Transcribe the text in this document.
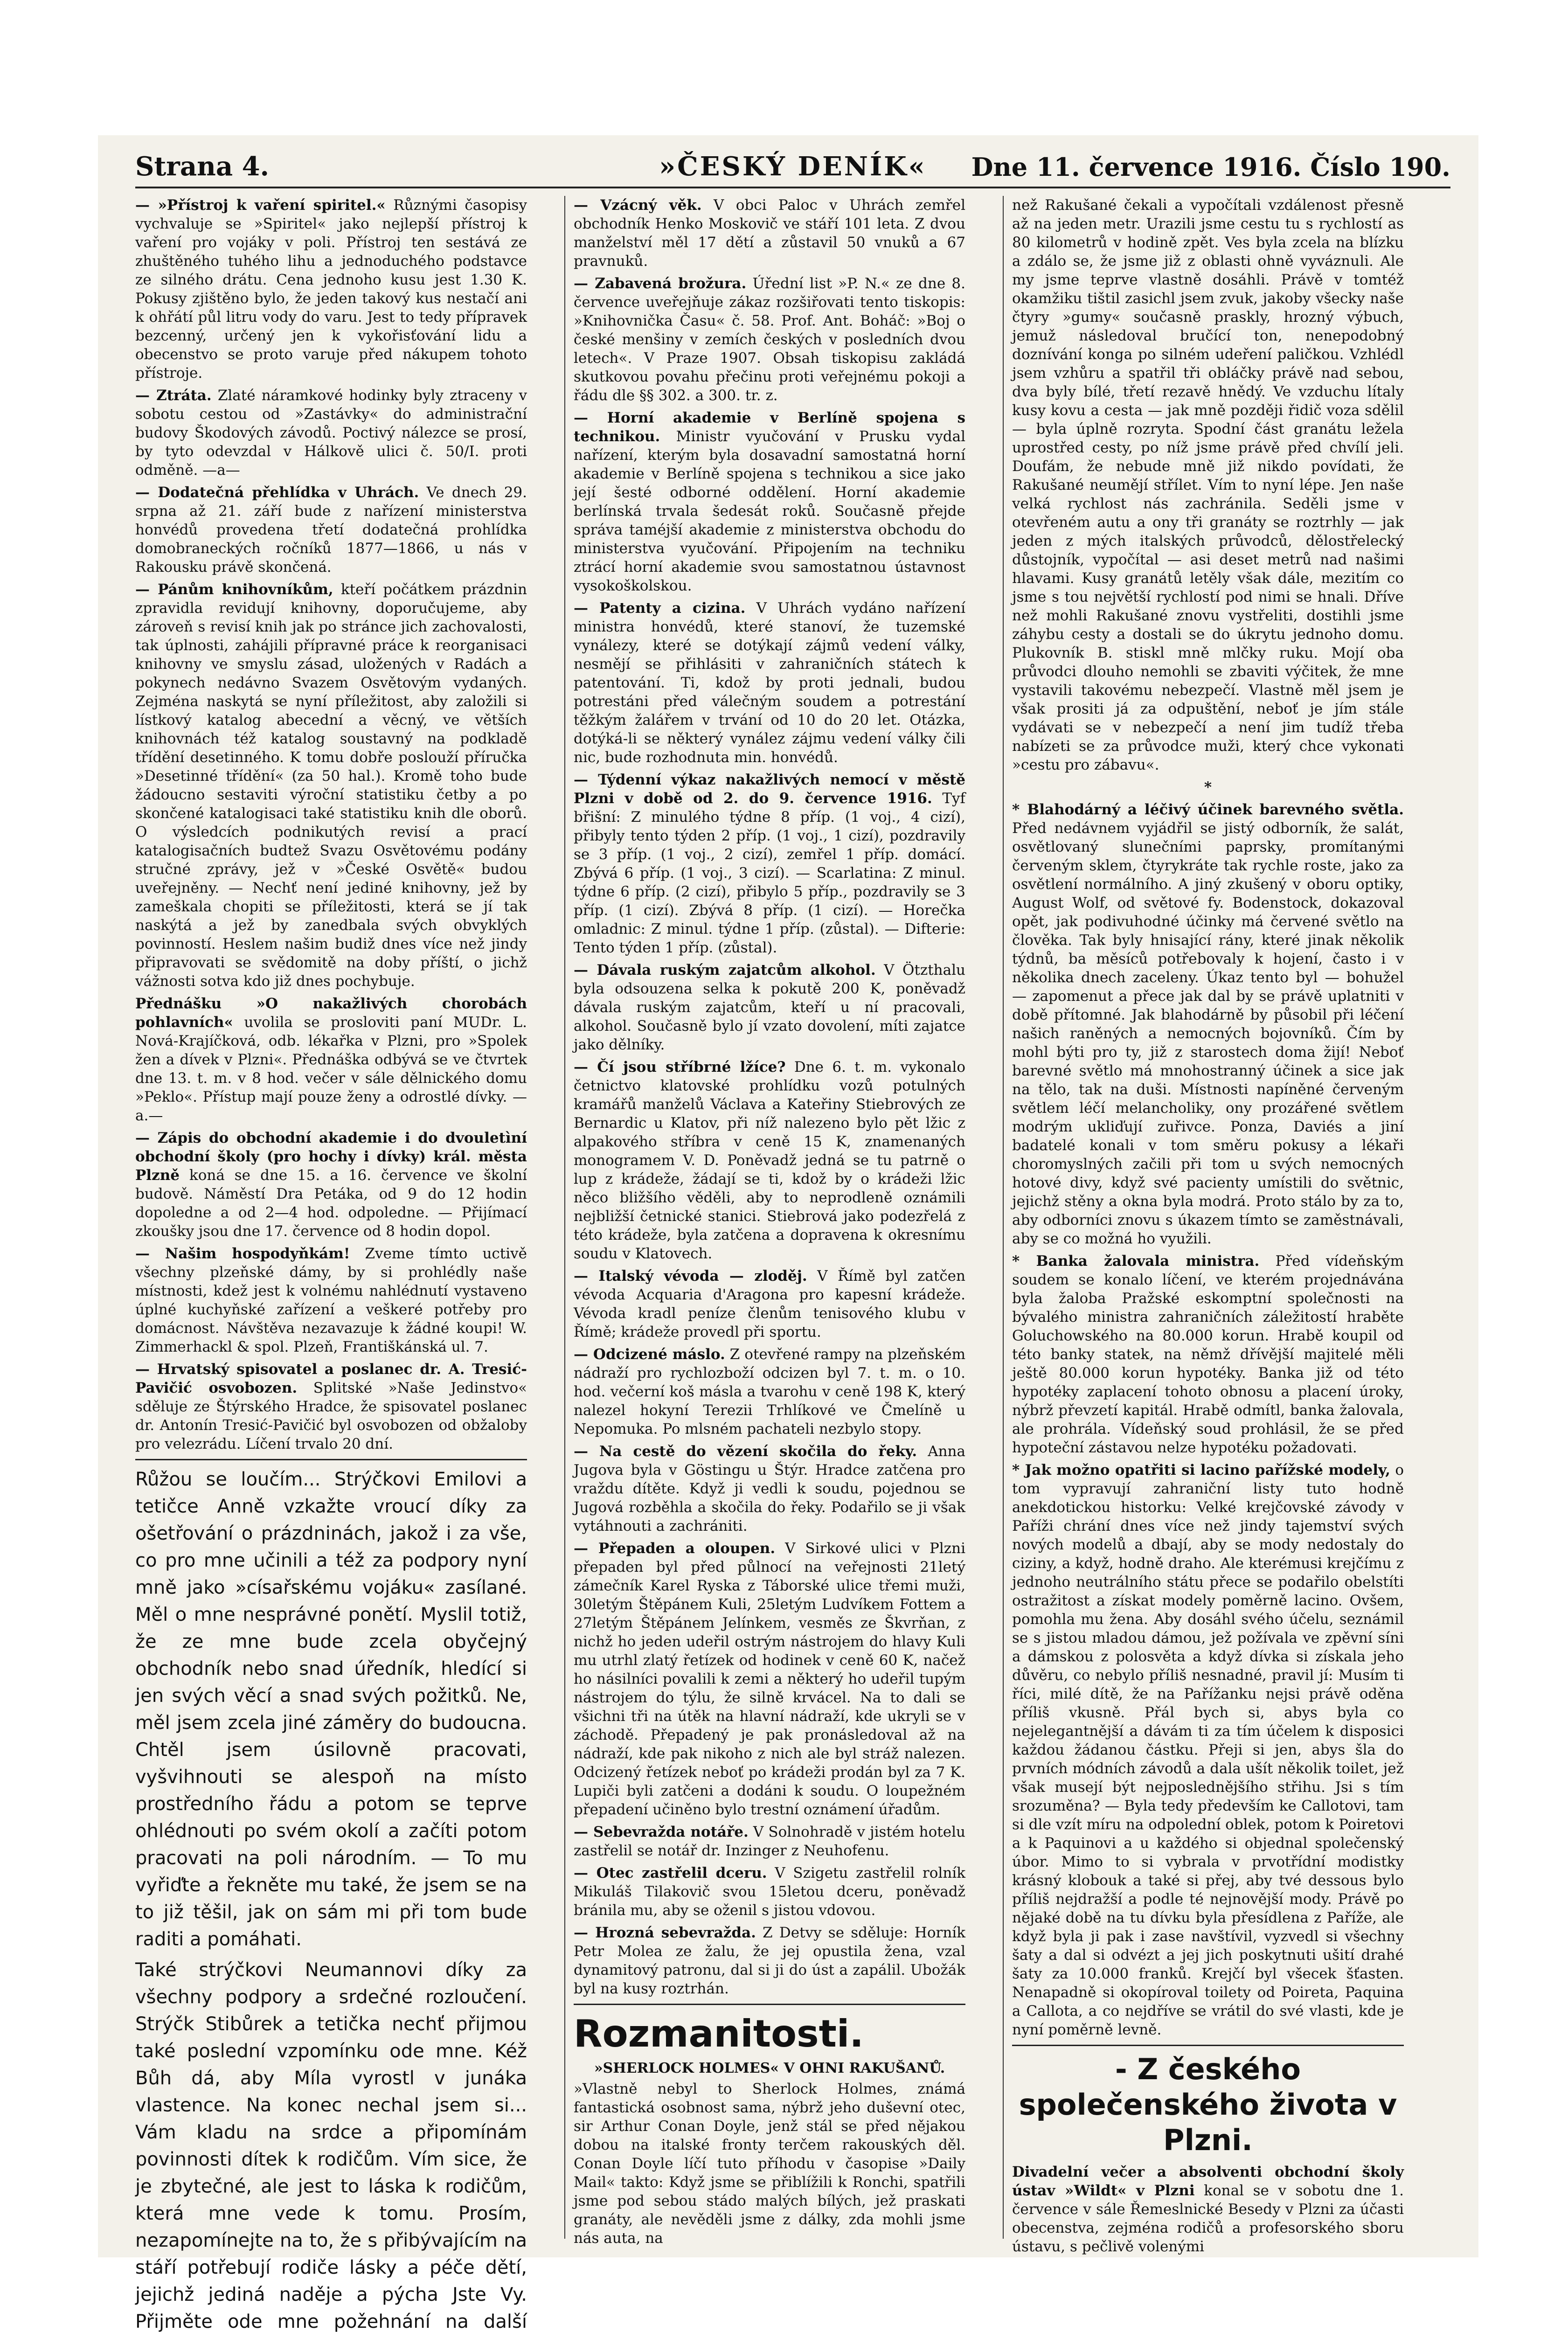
Strana 4.	»ČESKÝ DENÍK«	Dne 11. července 1916. Číslo 190.

— »Přístroj k vaření spiritel.« Různými časopisy vychvaluje se »Spiritel« jako nejlepší přístroj k vaření pro vojáky v poli. Přístroj ten sestává ze zhuštěného tuhého lihu a jednoduchého podstavce ze silného drátu. Cena jednoho kusu jest 1.30 K. Pokusy zjištěno bylo, že jeden takový kus nestačí ani k ohřátí půl litru vody do varu. Jest to tedy přípravek bezcenný, určený jen k vykořisťování lidu a obecenstvo se proto varuje před nákupem tohoto přístroje.

— Ztráta. Zlaté náramkové hodinky byly ztraceny v sobotu cestou od »Zastávky« do administrační budovy Škodových závodů. Poctivý nálezce se prosí, by tyto odevzdal v Hálkově ulici č. 50/I. proti odměně. —a—

— Dodatečná přehlídka v Uhrách. Ve dnech 29. srpna až 21. září bude z nařízení ministerstva honvédů provedena třetí dodatečná prohlídka domobraneckých ročníků 1877—1866, u nás v Rakousku právě skončená.

— Pánům knihovníkům, kteří počátkem prázdnin zpravidla revidují knihovny, doporučujeme, aby zároveň s revisí knih jak po stránce jich zachovalosti, tak úplnosti, zahájili přípravné práce k reorganisaci knihovny ve smyslu zásad, uložených v Radách a pokynech nedávno Svazem Osvětovým vydaných. Zejména naskytá se nyní příležitost, aby založili si lístkový katalog abecední a věcný, ve větších knihovnách též katalog soustavný na podkladě třídění desetinného. K tomu dobře poslouží příručka »Desetinné třídění« (za 50 hal.). Kromě toho bude žádoucno sestaviti výroční statistiku četby a po skončené katalogisaci také statistiku knih dle oborů. O výsledcích podnikutých revisí a prací katalogisačních budtež Svazu Osvětovému podány stručné zprávy, jež v »České Osvětě« budou uveřejněny. — Nechť není jediné knihovny, jež by zameškala chopiti se příležitosti, která se jí tak naskýtá a jež by zanedbala svých obvyklých povinností. Heslem našim budiž dnes více než jindy připravovati se svědomitě na doby příští, o jichž vážnosti sotva kdo již dnes pochybuje.

Přednášku »O nakažlivých chorobách pohlavních« uvolila se prosloviti paní MUDr. L. Nová-Krajíčková, odb. lékařka v Plzni, pro »Spolek žen a dívek v Plzni«. Přednáška odbývá se ve čtvrtek dne 13. t. m. v 8 hod. večer v sále dělnického domu »Peklo«. Přístup mají pouze ženy a odrostlé dívky. —a.—

— Zápis do obchodní akademie i do dvouletìní obchodní školy (pro hochy i dívky) král. města Plzně koná se dne 15. a 16. července ve školní budově. Náměstí Dra Petáka, od 9 do 12 hodin dopoledne a od 2—4 hod. odpoledne. — Přijímací zkoušky jsou dne 17. července od 8 hodin dopol.

— Našim hospodyňkám! Zveme tímto uctivě všechny plzeňské dámy, by si prohlédly naše místnosti, kdež jest k volnému nahlédnutí vystaveno úplné kuchyňské zařízení a veškeré potřeby pro domácnost. Návštěva nezavazuje k žádné koupi! W. Zimmerhackl & spol. Plzeň, Františkánská ul. 7.

— Hrvatský spisovatel a poslanec dr. A. Tresić-Pavičić osvobozen. Splitské »Naše Jedinstvo« sděluje ze Štýrského Hradce, že spisovatel poslanec dr. Antonín Tresić-Pavičić byl osvobozen od obžaloby pro velezrádu. Líčení trvalo 20 dní.

Růžou se loučím... Strýčkovi Emilovi a tetičce Anně vzkažte vroucí díky za ošetřování o prázdninách, jakož i za vše, co pro mne učinili a též za podpory nyní mně jako »císařskému vojáku« zasílané. Měl o mne nesprávné ponětí. Myslil totiž, že ze mne bude zcela obyčejný obchodník nebo snad úředník, hledící si jen svých věcí a snad svých požitků. Ne, měl jsem zcela jiné záměry do budoucna. Chtěl jsem úsilovně pracovati, vyšvihnouti se alespoň na místo prostředního řádu a potom se teprve ohlédnouti po svém okolí a začíti potom pracovati na poli národním. — To mu vyřiďte a řekněte mu také, že jsem se na to již těšil, jak on sám mi při tom bude raditi a pomáhati.

Také strýčkovi Neumannovi díky za všechny podpory a srdečné rozloučení. Strýčk Stibůrek a tetička nechť přijmou také poslední vzpomínku ode mne. Kéž Bůh dá, aby Míla vyrostl v junáka vlastence. Na konec nechal jsem si... Vám kladu na srdce a připomínám povinnosti dítek k rodičům. Vím sice, že je zbytečné, ale jest to láska k rodičům, která mne vede k tomu. Prosím, nezapomínejte na to, že s přibývajícím na stáří potřebují rodiče lásky a péče dětí, jejichž jediná naděje a pýcha Jste Vy. Přijměte ode mne požehnání na další

— Vzácný věk. V obci Paloc v Uhrách zemřel obchodník Henko Moskovič ve stáří 101 leta. Z dvou manželství měl 17 dětí a zůstavil 50 vnuků a 67 pravnuků.

— Zabavená brožura. Úřední list »P. N.« ze dne 8. července uveřejňuje zákaz rozšiřovati tento tiskopis: »Knihovnička Času« č. 58. Prof. Ant. Boháč: »Boj o české menšiny v zemích českých v posledních dvou letech«. V Praze 1907. Obsah tiskopisu zakládá skutkovou povahu přečinu proti veřejnému pokoji a řádu dle §§ 302. a 300. tr. z.

— Horní akademie v Berlíně spojena s technikou. Ministr vyučování v Prusku vydal nařízení, kterým byla dosavadní samostatná horní akademie v Berlíně spojena s technikou a sice jako její šesté odborné oddělení. Horní akademie berlínská trvala šedesát roků. Současně přejde správa taméjší akademie z ministerstva obchodu do ministerstva vyučování. Připojením na techniku ztrácí horní akademie svou samostatnou ústavnost vysokoškolskou.

— Patenty a cizina. V Uhrách vydáno nařízení ministra honvédů, které stanoví, že tuzemské vynálezy, které se dotýkají zájmů vedení války, nesmějí se přihlásiti v zahraničních státech k patentování. Ti, kdož by proti jednali, budou potrestáni před válečným soudem a potrestání těžkým žalářem v trvání od 10 do 20 let. Otázka, dotýká-li se některý vynález zájmu vedení války čili nic, bude rozhodnuta min. honvédů.

— Týdenní výkaz nakažlivých nemocí v městě Plzni v době od 2. do 9. července 1916. Tyf břišní: Z minulého týdne 8 příp. (1 voj., 4 cizí), přibyly tento týden 2 příp. (1 voj., 1 cizí), pozdravily se 3 příp. (1 voj., 2 cizí), zemřel 1 příp. domácí. Zbývá 6 příp. (1 voj., 3 cizí). — Scarlatina: Z minul. týdne 6 příp. (2 cizí), přibylo 5 příp., pozdravily se 3 příp. (1 cizí). Zbývá 8 příp. (1 cizí). — Horečka omladnic: Z minul. týdne 1 příp. (zůstal). — Difterie: Tento týden 1 příp. (zůstal).

— Dávala ruským zajatcům alkohol. V Ötzthalu byla odsouzena selka k pokutě 200 K, poněvadž dávala ruským zajatcům, kteří u ní pracovali, alkohol. Současně bylo jí vzato dovolení, míti zajatce jako dělníky.

— Čí jsou stříbrné lžíce? Dne 6. t. m. vykonalo četnictvo klatovské prohlídku vozů potulných kramářů manželů Václava a Kateřiny Stiebrových ze Bernardic u Klatov, při níž nalezeno bylo pět lžic z alpakového stříbra v ceně 15 K, znamenaných monogramem V. D. Poněvadž jedná se tu patrně o lup z krádeže, žádají se ti, kdož by o krádeži lžic něco bližšího věděli, aby to neprodleně oznámili nejbližší četnické stanici. Stiebrová jako podezřelá z této krádeže, byla zatčena a dopravena k okresnímu soudu v Klatovech.

— Italský vévoda — zloděj. V Římě byl zatčen vévoda Acquaria d'Aragona pro kapesní krádeže. Vévoda kradl peníze členům tenisového klubu v Římě; krádeže provedl při sportu.

— Odcizené máslo. Z otevřené rampy na plzeňském nádraží pro rychlozboží odcizen byl 7. t. m. o 10. hod. večerní koš másla a tvarohu v ceně 198 K, který nalezel hokyní Terezii Trhlíkové ve Čmelíně u Nepomuka. Po mlsném pachateli nezbylo stopy.

— Na cestě do vězení skočila do řeky. Anna Jugova byla v Göstingu u Štýr. Hradce zatčena pro vraždu dítěte. Když ji vedli k soudu, pojednou se Jugová rozběhla a skočila do řeky. Podařilo se ji však vytáhnouti a zachrániti.

— Přepaden a oloupen. V Sirkové ulici v Plzni přepaden byl před půlnocí na veřejnosti 21letý zámečník Karel Ryska z Táborské ulice třemi muži, 30letým Štěpánem Kuli, 25letým Ludvíkem Fottem a 27letým Štěpánem Jelínkem, vesměs ze Škvrňan, z nichž ho jeden udeřil ostrým nástrojem do hlavy Kuli mu utrhl zlatý řetízek od hodinek v ceně 60 K, načež ho násilníci povalili k zemi a některý ho udeřil tupým nástrojem do týlu, že silně krvácel. Na to dali se všichni tři na útěk na hlavní nádraží, kde ukryli se v záchodě. Přepadený je pak pronásledoval až na nádraží, kde pak nikoho z nich ale byl stráž nalezen. Odcizený řetízek neboť po krádeži prodán byl za 7 K. Lupiči byli zatčeni a dodáni k soudu. O loupežném přepadení učiněno bylo trestní oznámení úřadům.

— Sebevražda notáře. V Solnohradě v jistém hotelu zastřelil se notář dr. Inzinger z Neuhofenu.

— Otec zastřelil dceru. V Szigetu zastřelil rolník Mikuláš Tilakovič svou 15letou dceru, poněvadž bránila mu, aby se oženil s jistou vdovou.

— Hrozná sebevražda. Z Detvy se sděluje: Horník Petr Molea ze žalu, že jej opustila žena, vzal dynamitový patronu, dal si ji do úst a zapálil. Ubožák byl na kusy roztrhán.

Rozmanitosti.
»SHERLOCK HOLMES« V OHNI RAKUŠANŮ.

»Vlastně nebyl to Sherlock Holmes, známá fantastická osobnost sama, nýbrž jeho duševní otec, sir Arthur Conan Doyle, jenž stál se před nějakou dobou na italské fronty terčem rakouských děl. Conan Doyle líčí tuto příhodu v časopise »Daily Mail« takto: Když jsme se přiblížili k Ronchi, spatřili jsme pod sebou stádo malých bílých, jež praskati granáty, ale nevěděli jsme z dálky, zda mohli jsme nás auta, na

než Rakušané čekali a vypočítali vzdálenost přesně až na jeden metr. Urazili jsme cestu tu s rychlostí as 80 kilometrů v hodině zpět. Ves byla zcela na blízku a zdálo se, že jsme již z oblasti ohně vyváznuli. Ale my jsme teprve vlastně dosáhli. Právě v tomtéž okamžiku tištil zasichl jsem zvuk, jakoby všecky naše čtyry »gumy« současně praskly, hrozný výbuch, jemuž následoval bručící ton, nenepodobný doznívání konga po silném udeření paličkou. Vzhlédl jsem vzhůru a spatřil tři obláčky právě nad sebou, dva byly bílé, třetí rezavě hnědý. Ve vzduchu lítaly kusy kovu a cesta — jak mně později řidič voza sdělil — byla úplně rozryta. Spodní část granátu ležela uprostřed cesty, po níž jsme právě před chvílí jeli. Doufám, že nebude mně již nikdo povídati, že Rakušané neumějí střílet. Vím to nyní lépe. Jen naše velká rychlost nás zachránila. Seděli jsme v otevřeném autu a ony tři granáty se roztrhly — jak jeden z mých italských průvodců, dělostřelecký důstojník, vypočítal — asi deset metrů nad našimi hlavami. Kusy granátů letěly však dále, mezitím co jsme s tou největší rychlostí pod nimi se hnali. Dříve než mohli Rakušané znovu vystřeliti, dostihli jsme záhybu cesty a dostali se do úkrytu jednoho domu. Plukovník B. stiskl mně mlčky ruku. Mojí oba průvodci dlouho nemohli se zbaviti výčitek, že mne vystavili takovému nebezpečí. Vlastně měl jsem je však prositi já za odpuštění, neboť je jím stále vydávati se v nebezpečí a není jim tudíž třeba nabízeti se za průvodce muži, který chce vykonati »cestu pro zábavu«.

*

* Blahodárný a léčivý účinek barevného světla. Před nedávnem vyjádřil se jistý odborník, že salát, osvětlovaný slunečními paprsky, promítanými červeným sklem, čtyrykráte tak rychle roste, jako za osvětlení normálního. A jiný zkušený v oboru optiky, August Wolf, od světové fy. Bodenstock, dokazoval opět, jak podivuhodné účinky má červené světlo na člověka. Tak byly hnisající rány, které jinak několik týdnů, ba měsíců potřebovaly k hojení, často i v několika dnech zaceleny. Úkaz tento byl — bohužel — zapomenut a přece jak dal by se právě uplatniti v době přítomné. Jak blahodárně by působil při léčení našich raněných a nemocných bojovníků. Čím by mohl býti pro ty, již z starostech doma žijí! Neboť barevné světlo má mnohostranný účinek a sice jak na tělo, tak na duši. Místnosti napíněné červeným světlem léčí melancholiky, ony prozářené světlem modrým ukliďují zuřivce. Ponza, Daviés a jiní badatelé konali v tom směru pokusy a lékaři choromyslných začili při tom u svých nemocných hotové divy, když své pacienty umístili do světnic, jejichž stěny a okna byla modrá. Proto stálo by za to, aby odborníci znovu s úkazem tímto se zaměstnávali, aby se co možná ho využili.

* Banka žalovala ministra. Před vídeňským soudem se konalo líčení, ve kterém projednávána byla žaloba Pražské eskomptní společnosti na bývalého ministra zahraničních záležitostí hraběte Goluchowského na 80.000 korun. Hrabě koupil od této banky statek, na němž dřívější majitelé měli ještě 80.000 korun hypotéky. Banka již od této hypotéky zaplacení tohoto obnosu a placení úroky, nýbrž převzetí kapitál. Hrabě odmítl, banka žalovala, ale prohrála. Vídeňský soud prohlásil, že se před hypoteční zástavou nelze hypotéku požadovati.

* Jak možno opatřiti si lacino pařížské modely, o tom vypravují zahraniční listy tuto hodně anekdotickou historku: Velké krejčovské závody v Paříži chrání dnes více než jindy tajemství svých nových modelů a dbají, aby se mody nedostaly do ciziny, a když, hodně draho. Ale kterémusi krejčímu z jednoho neutrálního státu přece se podařilo obelstíti ostražitost a získat modely poměrně lacino. Ovšem, pomohla mu žena. Aby dosáhl svého účelu, seznámil se s jistou mladou dámou, jež požívala ve zpěvní síni a dámskou z polosvěta a když dívka si získala jeho důvěru, co nebylo příliš nesnadné, pravil jí: Musím ti říci, milé dítě, že na Pařížanku nejsi právě oděna příliš vkusně. Přál bych si, abys byla co nejelegantnější a dávám ti za tím účelem k disposici každou žádanou částku. Přeji si jen, abys šla do prvních módních závodů a dala ušít několik toilet, jež však musejí být nejposlednějšího střihu. Jsi s tím srozuměna? — Byla tedy především ke Callotovi, tam si dle vzít míru na odpolední oblek, potom k Poiretovi a k Paquinovi a u každého si objednal společenský úbor. Mimo to si vybrala v prvotřídní modistky krásný klobouk a také si přej, aby tvé dessous bylo příliš nejdražší a podle té nejnovější mody. Právě po nějaké době na tu dívku byla přesídlena z Paříže, ale když byla ji pak i zase navštívil, vyzvedl si všechny šaty a dal si odvézt a jej jich poskytnuti ušití drahé šaty za 10.000 franků. Krejčí byl všecek šťasten. Nenapadně si okopíroval toilety od Poireta, Paquina a Callota, a co nejdříve se vrátil do své vlasti, kde je nyní poměrně levně.

- Z českého společenského života v Plzni.

Divadelní večer a absolventi obchodní školy ústav »Wildt« v Plzni konal se v sobotu dne 1. července v sále Řemeslnické Besedy v Plzni za účasti obecenstva, zejména rodičů a profesorského sboru ústavu, s pečlivě volenými
